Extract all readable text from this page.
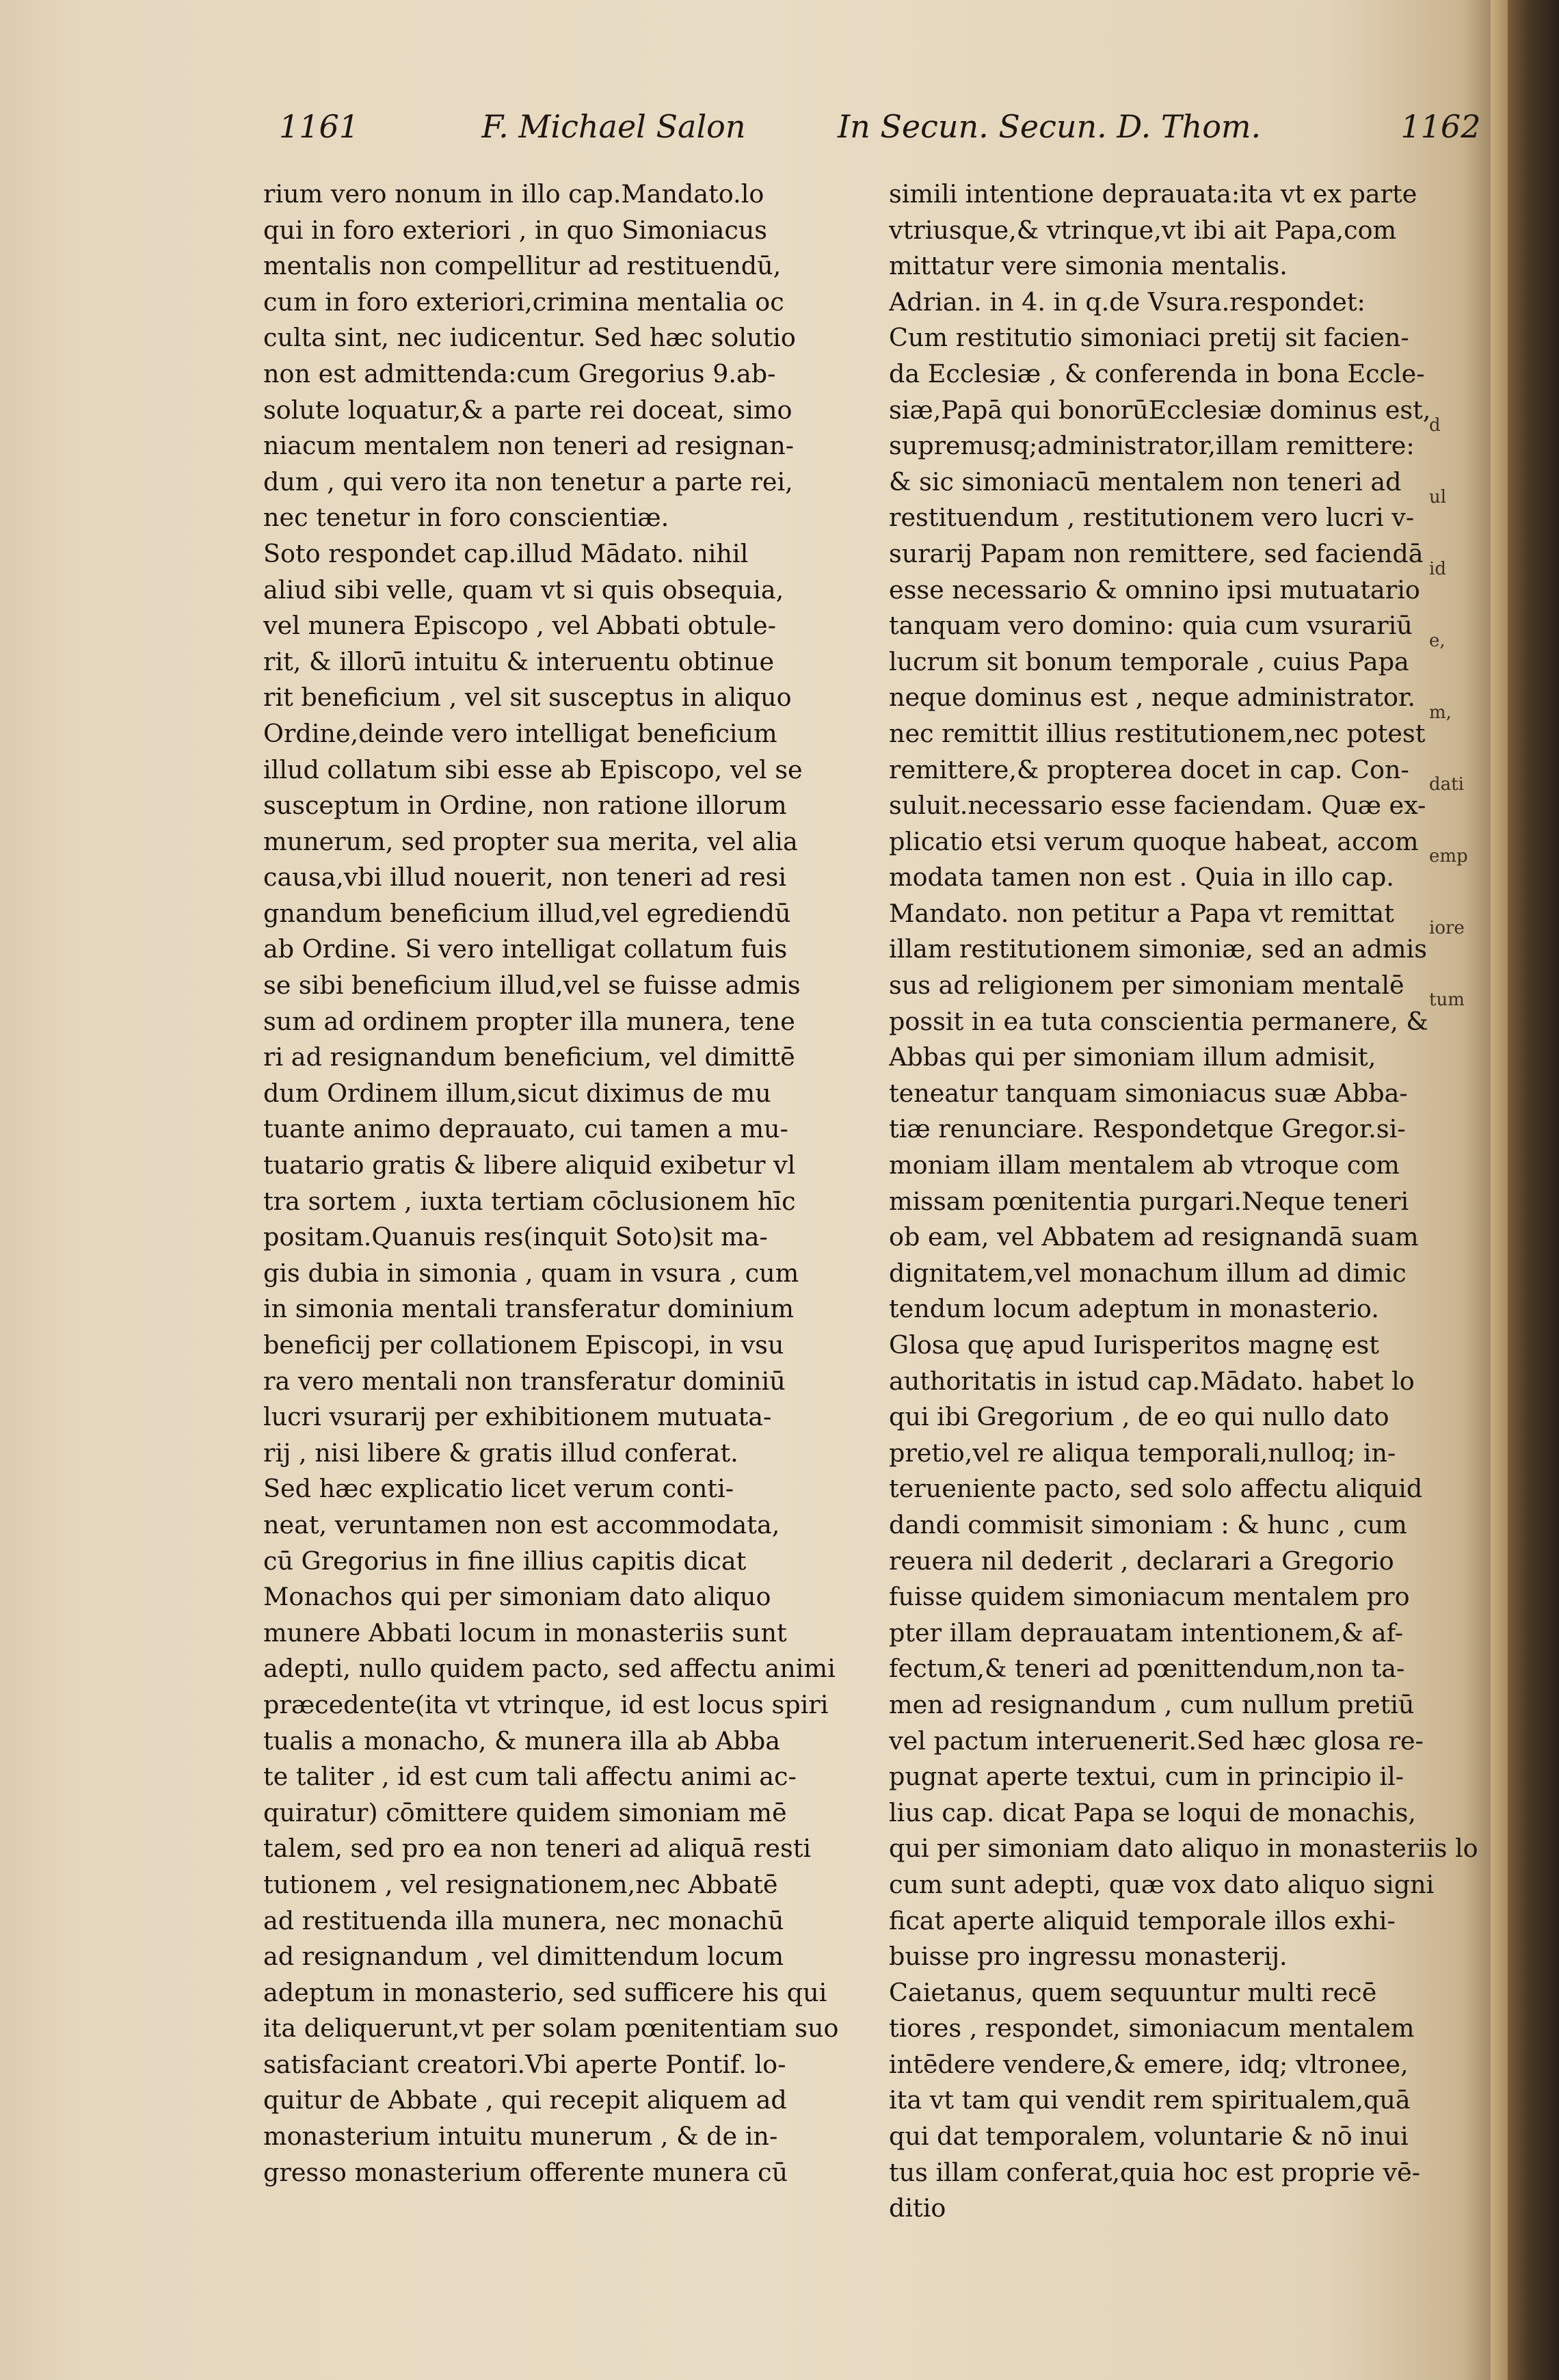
1161	F. Michael Salon
rium vero nonum in illo cap.Mandato.lo
qui in foro exteriori , in quo Simoniacus
mentalis non compellitur ad restituendū,
cum in foro exteriori,crimina mentalia oc
culta sint, nec iudicentur. Sed hæc solutio
non est admittenda:cum Gregorius 9.ab-
solute loquatur,& a parte rei doceat, simo
niacum mentalem non teneri ad resignan-
dum , qui vero ita non tenetur a parte rei,
nec tenetur in foro conscientiæ.
Soto respondet cap.illud Mādato. nihil
aliud sibi velle, quam vt si quis obsequia,
vel munera Episcopo , vel Abbati obtule-
rit, & illorū intuitu & interuentu obtinue
rit beneficium , vel sit susceptus in aliquo
Ordine,deinde vero intelligat beneficium
illud collatum sibi esse ab Episcopo, vel se
susceptum in Ordine, non ratione illorum
munerum, sed propter sua merita, vel alia
causa,vbi illud nouerit, non teneri ad resi
gnandum beneficium illud,vel egrediendū
ab Ordine. Si vero intelligat collatum fuis
se sibi beneficium illud,vel se fuisse admis
sum ad ordinem propter illa munera, tene
ri ad resignandum beneficium, vel dimittē
dum Ordinem illum,sicut diximus de mu
tuante animo deprauato, cui tamen a mu-
tuatario gratis & libere aliquid exibetur vl
tra sortem , iuxta tertiam cōclusionem hīc
positam.Quanuis res(inquit Soto)sit ma-
gis dubia in simonia , quam in vsura , cum
in simonia mentali transferatur dominium
beneficij per collationem Episcopi, in vsu
ra vero mentali non transferatur dominiū
lucri vsurarij per exhibitionem mutuata-
rij , nisi libere & gratis illud conferat.
Sed hæc explicatio licet verum conti-
neat, veruntamen non est accommodata,
cū Gregorius in fine illius capitis dicat
Monachos qui per simoniam dato aliquo
munere Abbati locum in monasteriis sunt
adepti, nullo quidem pacto, sed affectu animi
præcedente(ita vt vtrinque, id est locus spiri
tualis a monacho, & munera illa ab Abba
te taliter , id est cum tali affectu animi ac-
quiratur) cōmittere quidem simoniam mē
talem, sed pro ea non teneri ad aliquā resti
tutionem , vel resignationem,nec Abbatē
ad restituenda illa munera, nec monachū
ad resignandum , vel dimittendum locum
adeptum in monasterio, sed sufficere his qui
ita deliquerunt,vt per solam pœnitentiam suo
satisfaciant creatori.Vbi aperte Pontif. lo-
quitur de Abbate , qui recepit aliquem ad
monasterium intuitu munerum , & de in-
gresso monasterium offerente munera cū
simili intentione deprauata:ita vt ex parte
vtriusque,& vtrinque,vt ibi ait Papa,com
mittatur vere simonia mentalis.
Adrian. in 4. in q.de Vsura.respondet:
Cum restitutio simoniaci pretij sit facien-
da Ecclesiæ , & conferenda in bona Eccle-
siæ,Papā qui bonorūEcclesiæ dominus est,
supremusq;administrator,illam remittere:
& sic simoniacū mentalem non teneri ad
restituendum , restitutionem vero lucri v-
surarij Papam non remittere, sed faciendā
esse necessario & omnino ipsi mutuatario
tanquam vero domino: quia cum vsurariū
lucrum sit bonum temporale , cuius Papa
neque dominus est , neque administrator.
nec remittit illius restitutionem,nec potest
remittere,& propterea docet in cap. Con-
suluit.necessario esse faciendam. Quæ ex-
plicatio etsi verum quoque habeat, accom
modata tamen non est . Quia in illo cap.
Mandato. non petitur a Papa vt remittat
illam restitutionem simoniæ, sed an admis
sus ad religionem per simoniam mentalē
possit in ea tuta conscientia permanere, &
Abbas qui per simoniam illum admisit,
teneatur tanquam simoniacus suæ Abba-
tiæ renunciare. Respondetque Gregor.si-
moniam illam mentalem ab vtroque com
missam pœnitentia purgari.Neque teneri
ob eam, vel Abbatem ad resignandā suam
dignitatem,vel monachum illum ad dimic
tendum locum adeptum in monasterio.
Glosa quę apud Iurisperitos magnę est
authoritatis in istud cap.Mādato. habet lo
qui ibi Gregorium , de eo qui nullo dato
pretio,vel re aliqua temporali,nulloq; in-
terueniente pacto, sed solo affectu aliquid
dandi commisit simoniam : & hunc , cum
reuera nil dederit , declarari a Gregorio
fuisse quidem simoniacum mentalem pro
pter illam deprauatam intentionem,& af-
fectum,& teneri ad pœnittendum,non ta-
men ad resignandum , cum nullum pretiū
vel pactum interuenerit.Sed hæc glosa re-
pugnat aperte textui, cum in principio il-
lius cap. dicat Papa se loqui de monachis,
qui per simoniam dato aliquo in monasteriis lo
cum sunt adepti, quæ vox dato aliquo signi
ficat aperte aliquid temporale illos exhi-
buisse pro ingressu monasterij.
Caietanus, quem sequuntur multi recē
tiores , respondet, simoniacum mentalem
intēdere vendere,& emere, idq; vltronee,
ita vt tam qui vendit rem spiritualem,quā
qui dat temporalem, voluntarie & nō inui
tus illam conferat,quia hoc est proprie vē-
ditio
d
ul
id
e,
m,
dati
emp
iore
tum
In Secun. Secun. D. Thom.	1162
